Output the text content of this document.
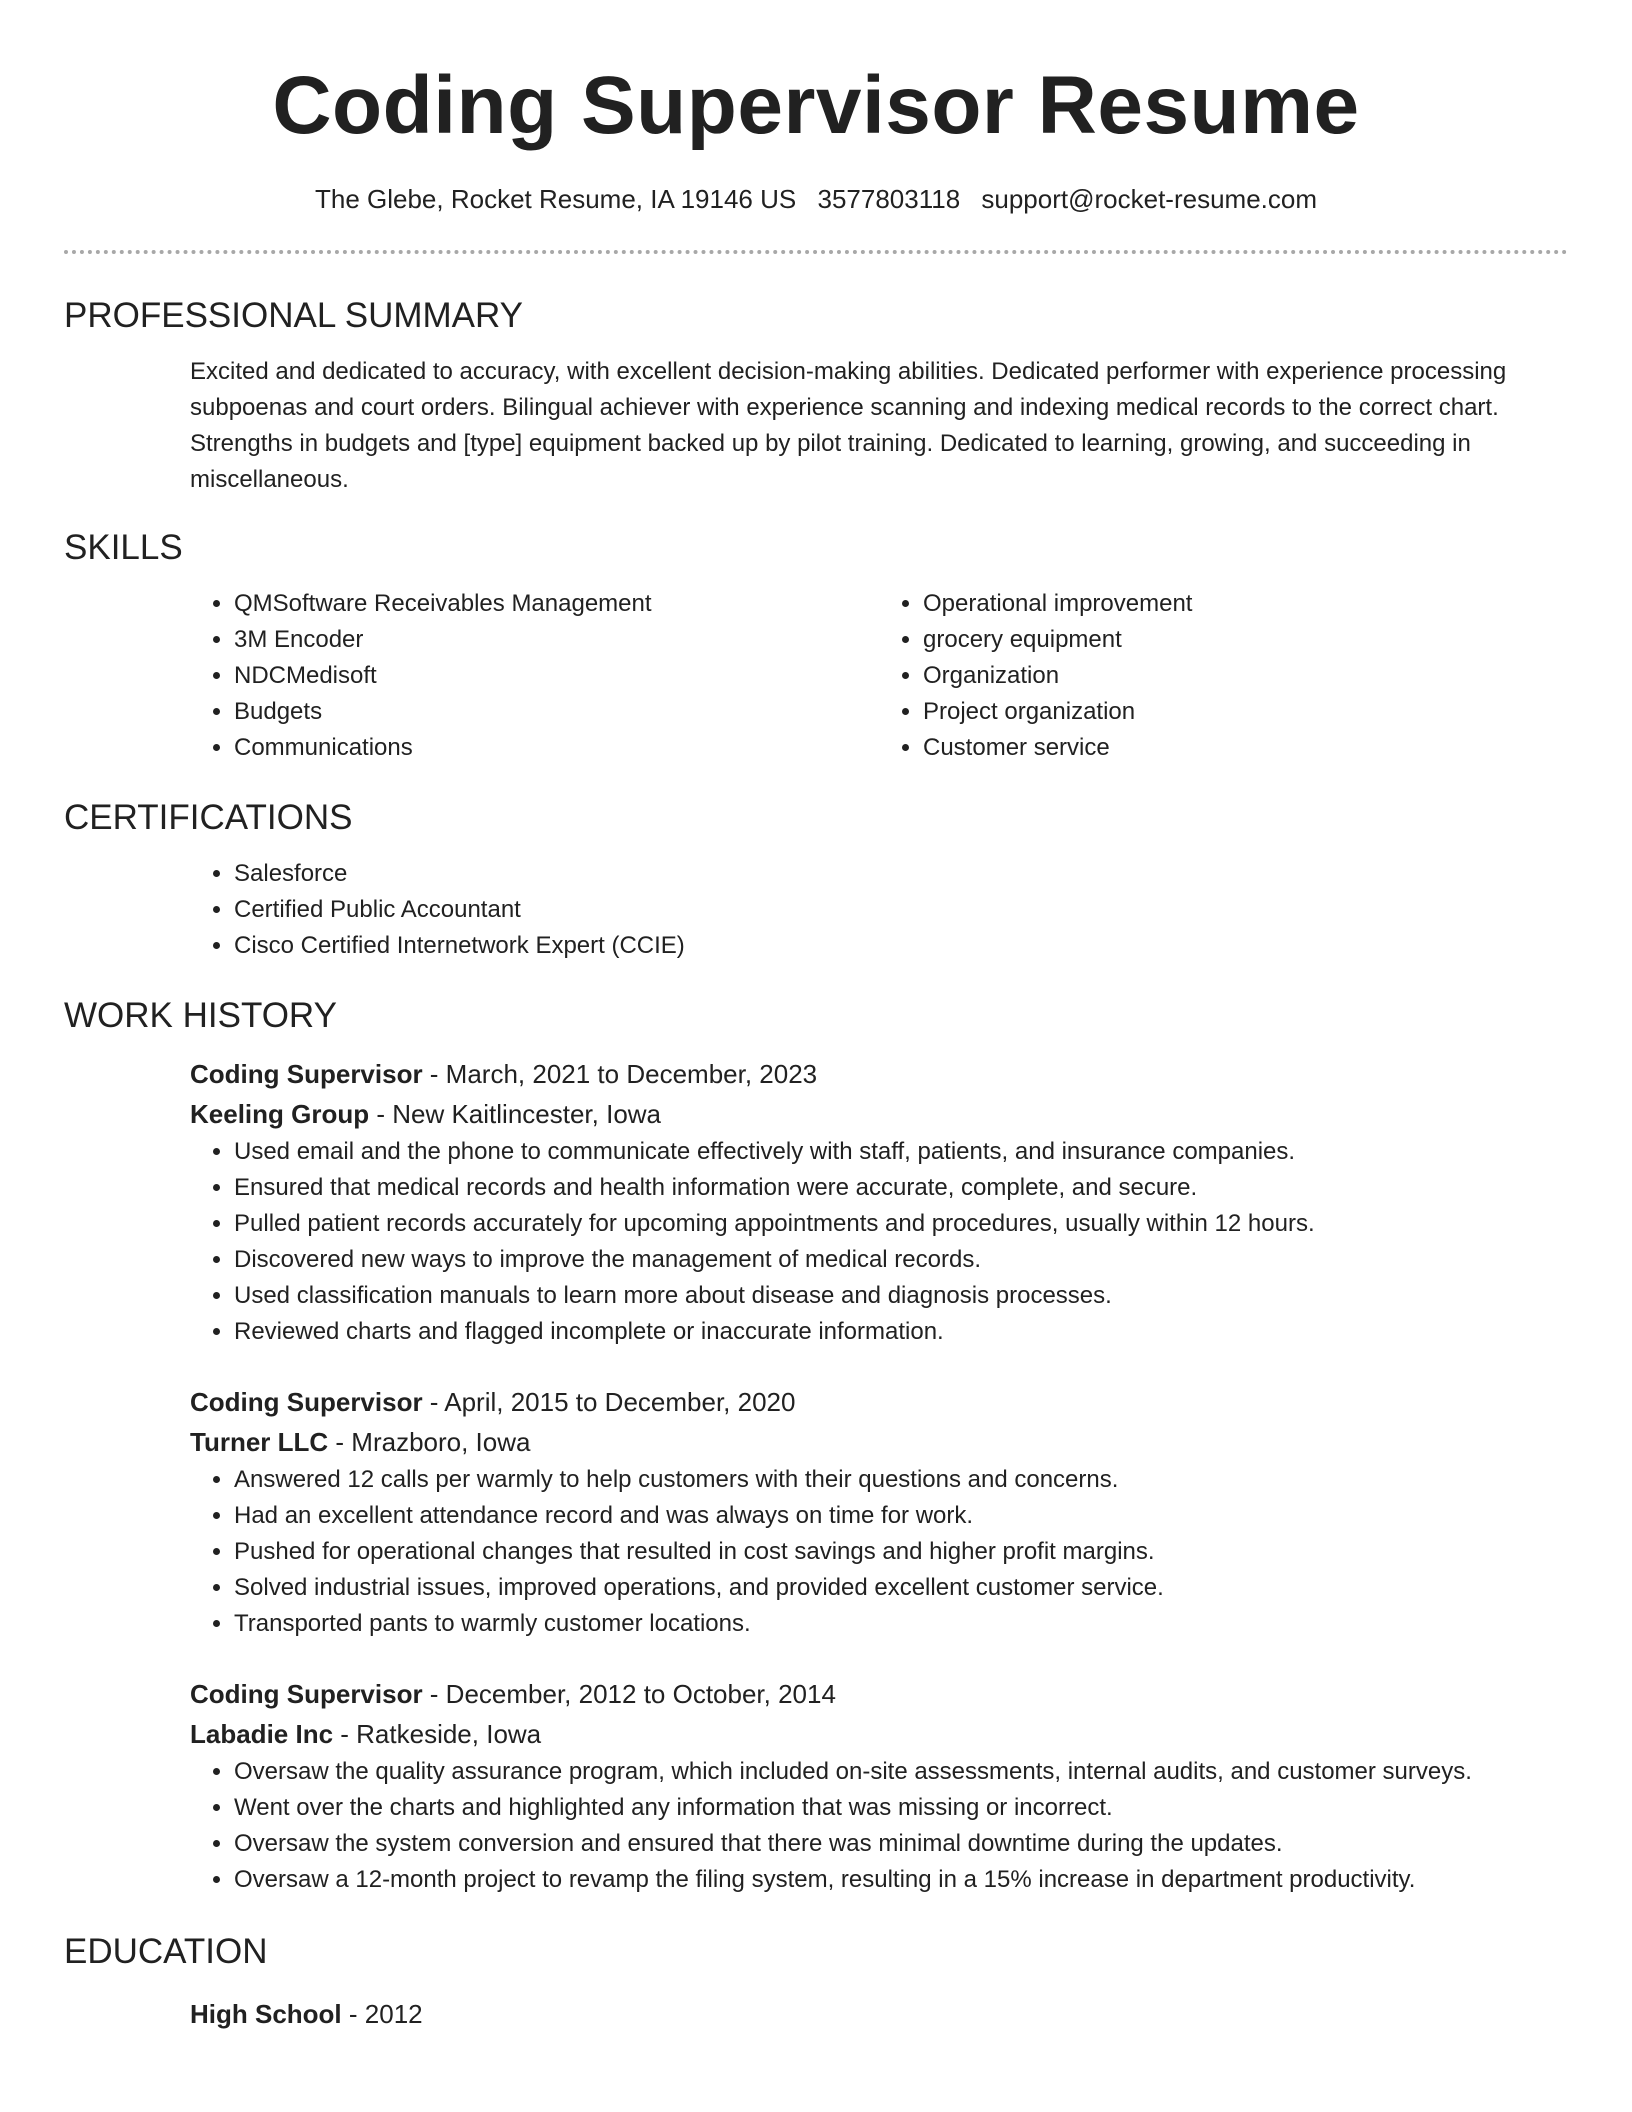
Coding Supervisor Resume
The Glebe, Rocket Resume, IA 19146 US 3577803118 support@rocket-resume.com
PROFESSIONAL SUMMARY

Excited and dedicated to accuracy, with excellent decision-making abilities. Dedicated performer with experience processing subpoenas and court orders. Bilingual achiever with experience scanning and indexing medical records to the correct chart. Strengths in budgets and [type] equipment backed up by pilot training. Dedicated to learning, growing, and succeeding in miscellaneous.

SKILLS
• QMSoftware Receivables Management
• 3M Encoder
• NDCMedisoft
• Budgets
• Communications
• Operational improvement
• grocery equipment
• Organization
• Project organization
• Customer service
CERTIFICATIONS
• Salesforce
• Certified Public Accountant
• Cisco Certified Internetwork Expert (CCIE)
WORK HISTORY
Coding Supervisor - March, 2021 to December, 2023
Keeling Group - New Kaitlincester, Iowa
• Used email and the phone to communicate effectively with staff, patients, and insurance companies.
• Ensured that medical records and health information were accurate, complete, and secure.
• Pulled patient records accurately for upcoming appointments and procedures, usually within 12 hours.
• Discovered new ways to improve the management of medical records.
• Used classification manuals to learn more about disease and diagnosis processes.
• Reviewed charts and flagged incomplete or inaccurate information.
Coding Supervisor - April, 2015 to December, 2020
Turner LLC - Mrazboro, Iowa
• Answered 12 calls per warmly to help customers with their questions and concerns.
• Had an excellent attendance record and was always on time for work.
• Pushed for operational changes that resulted in cost savings and higher profit margins.
• Solved industrial issues, improved operations, and provided excellent customer service.
• Transported pants to warmly customer locations.
Coding Supervisor - December, 2012 to October, 2014
Labadie Inc - Ratkeside, Iowa
• Oversaw the quality assurance program, which included on-site assessments, internal audits, and customer surveys.
• Went over the charts and highlighted any information that was missing or incorrect.
• Oversaw the system conversion and ensured that there was minimal downtime during the updates.
• Oversaw a 12-month project to revamp the filing system, resulting in a 15% increase in department productivity.
EDUCATION
High School - 2012
